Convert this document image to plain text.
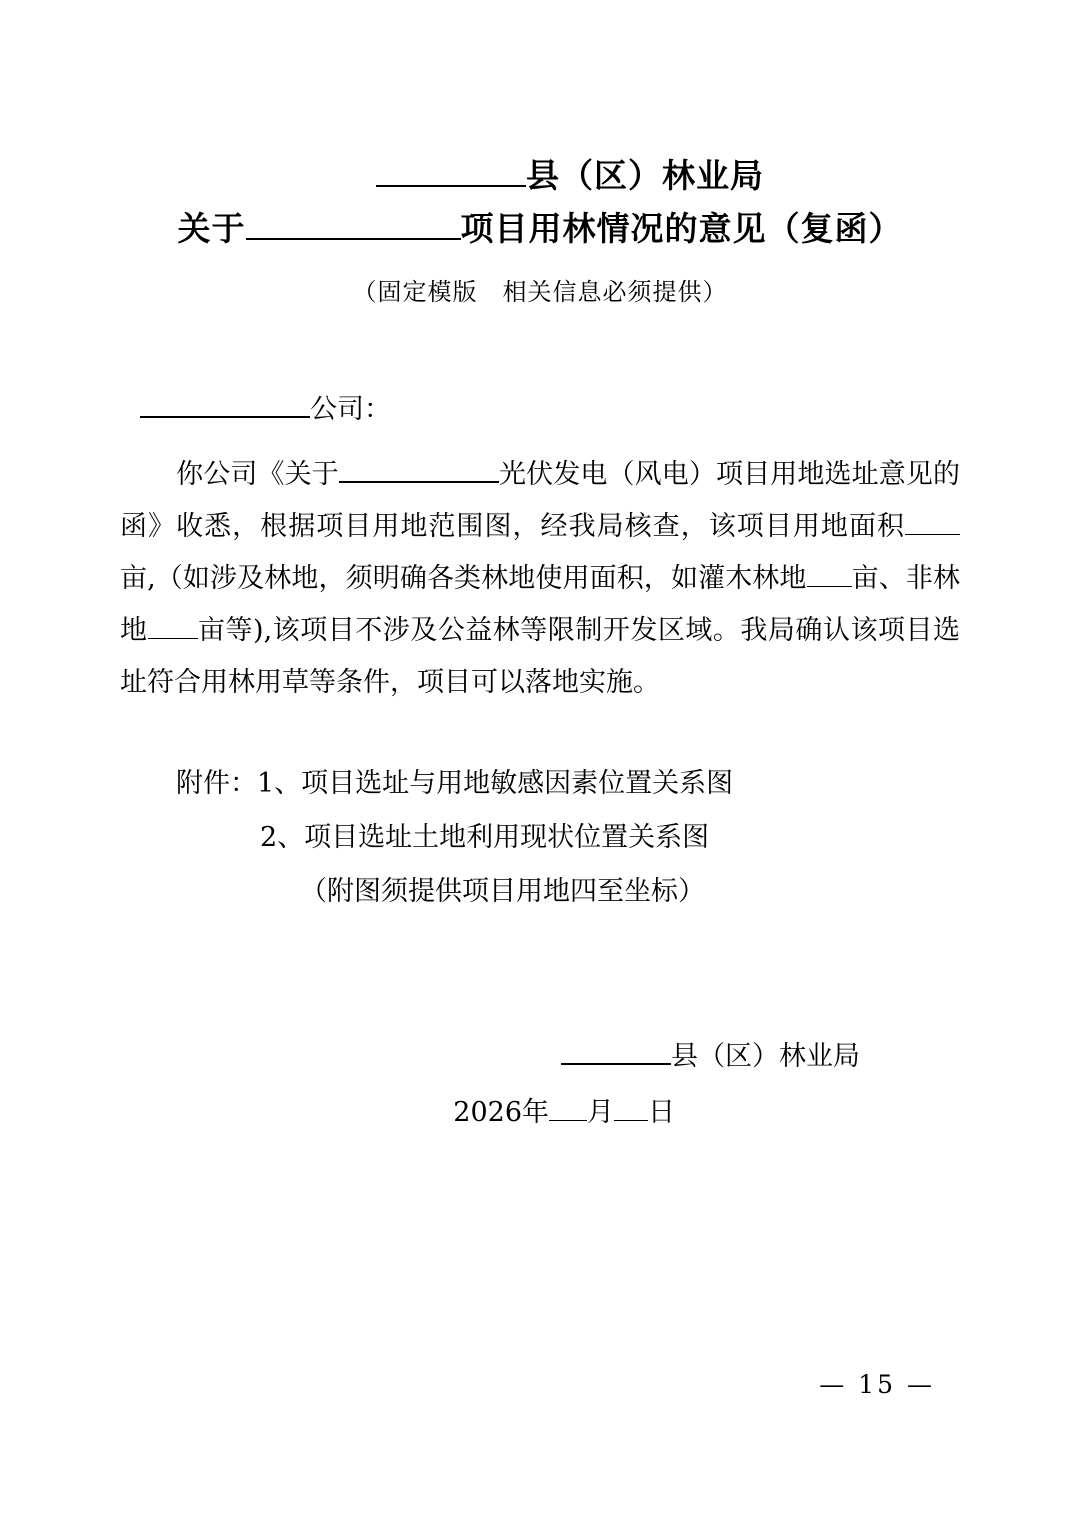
县（区）林业局
关于	项目用林情况的意见（复函）
（固定模版　相关信息必须提供）
公司：
你公司《关于	光伏发电（风电）项目用地选址意见的函》收悉，根据项目用地范围图，经我局核查，该项目用地面积亩,（如涉及林地，须明确各类林地使用面积，如灌木林地 亩、非林地 亩等),该项目不涉及公益林等限制开发区域。我局确认该项目选址符合用林用草等条件，项目可以落地实施。
附件：1、项目选址与用地敏感因素位置关系图
2、项目选址土地利用现状位置关系图
（附图须提供项目用地四至坐标）
县（区）林业局
2026年 月 日
— 15 —
